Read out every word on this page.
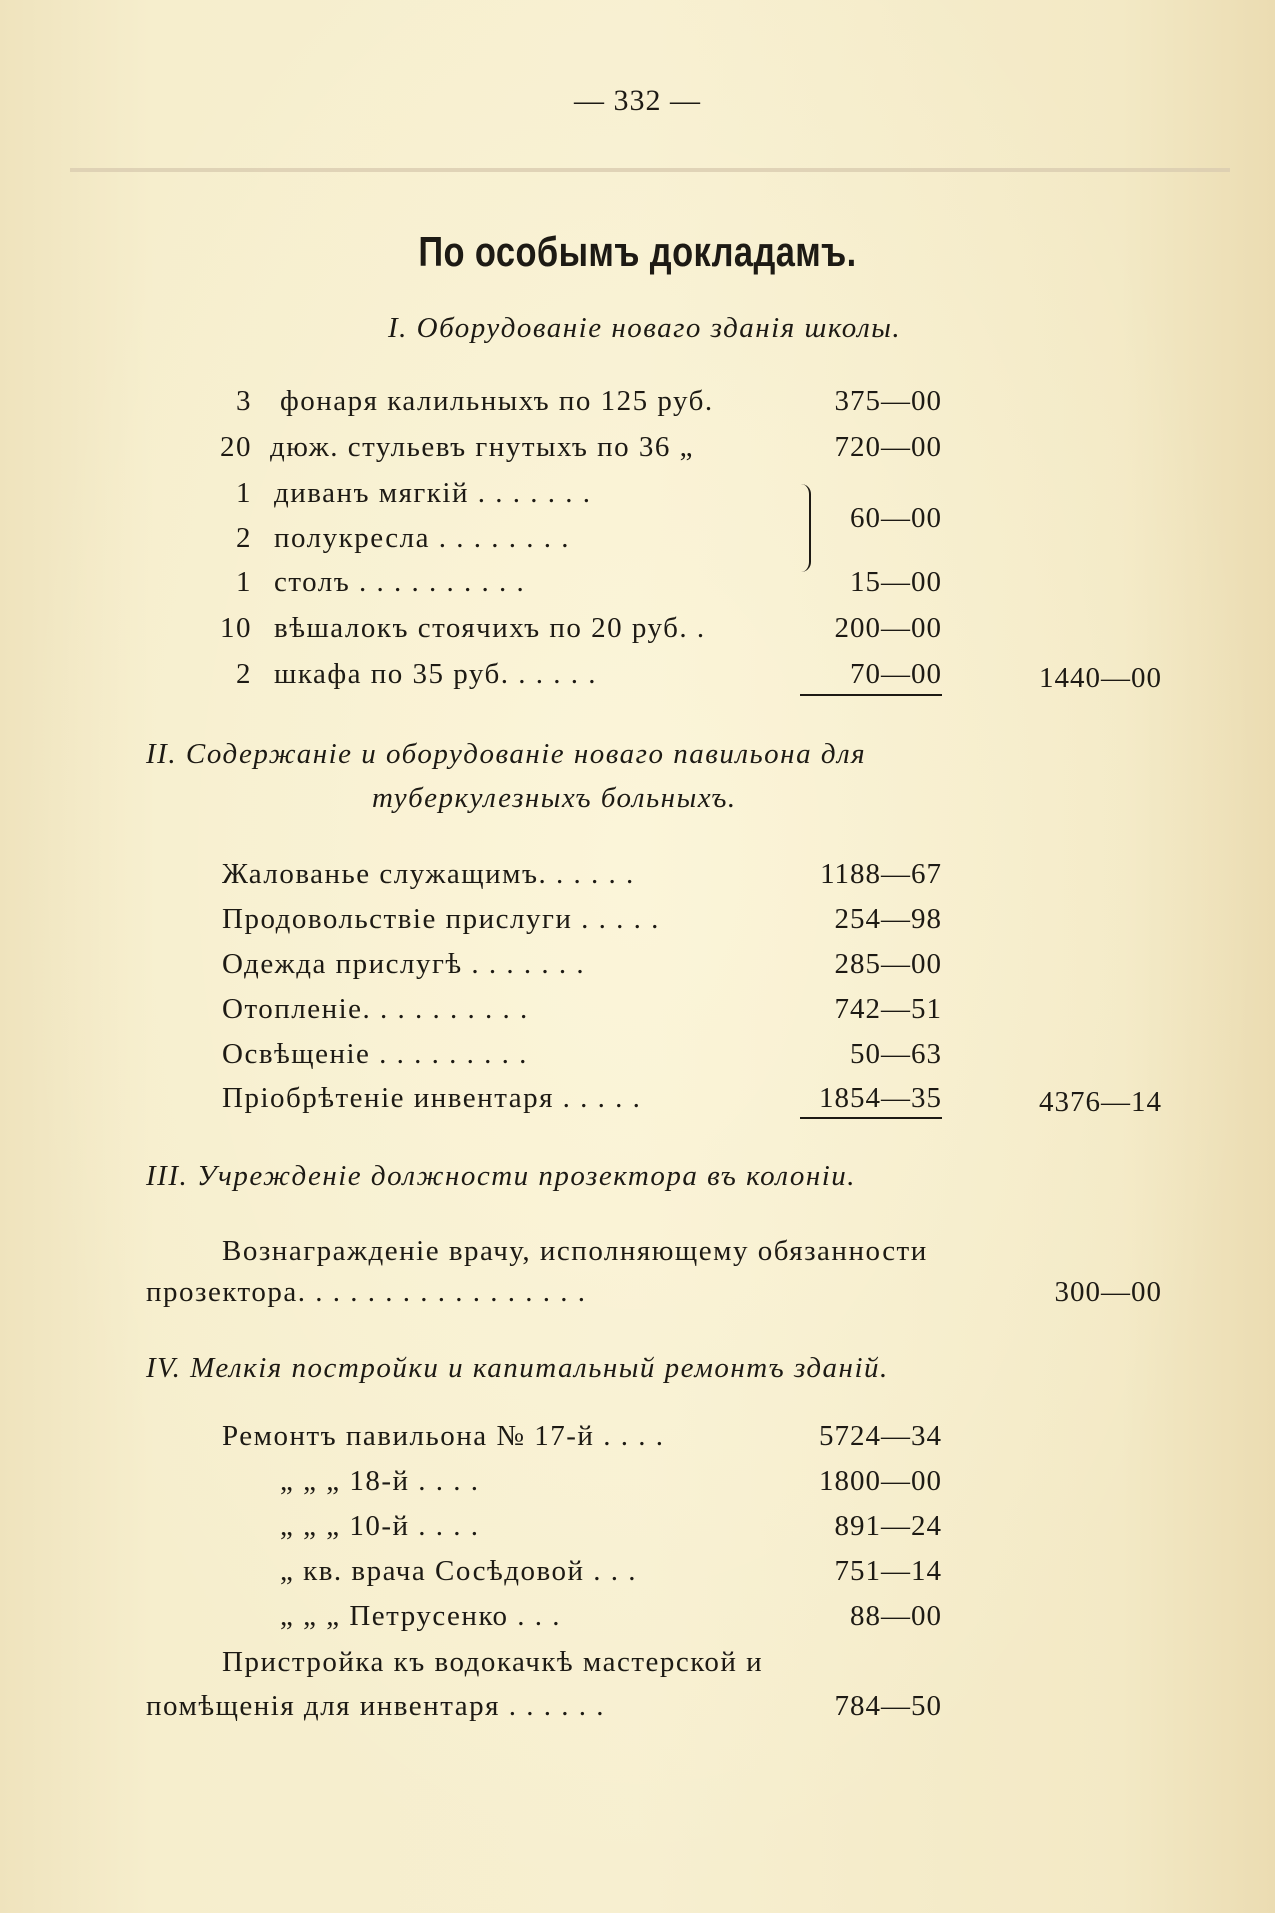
— 332 —
По особымъ докладамъ.
I. Оборудованіе новаго зданія школы.
3 фонаря калильныхъ по 125 руб.	375—00
20 дюж. стульевъ гнутыхъ по 36 „	720—00
1 диванъ мягкій . . . . . . .
2 полукресла . . . . . . . .
60—00
1 столъ . . . . . . . . . .	15—00
10 вѣшалокъ стоячихъ по 20 руб. .	200—00
2 шкафа по 35 руб. . . . . .	70—00	1440—00
II. Содержаніе и оборудованіе новаго павильона для
туберкулезныхъ больныхъ.
Жалованье служащимъ. . . . . .	1188—67
Продовольствіе прислуги . . . . .	254—98
Одежда прислугѣ . . . . . . .	285—00
Отопленіе. . . . . . . . . .	742—51
Освѣщеніе . . . . . . . . .	50—63
Пріобрѣтеніе инвентаря . . . . .	1854—35	4376—14
III. Учрежденіе должности прозектора въ колоніи.
Вознагражденіе врачу, исполняющему обязанности
прозектора. . . . . . . . . . . . . . . . .	300—00
IV. Мелкія постройки и капитальный ремонтъ зданій.
Ремонтъ павильона № 17-й . . . .	5724—34
„ „ „ 18-й . . . .	1800—00
„ „ „ 10-й . . . .	891—24
„ кв. врача Сосѣдовой . . .	751—14
„ „ „ Петрусенко . . .	88—00
Пристройка къ водокачкѣ мастерской и
помѣщенія для инвентаря . . . . . .	784—50
